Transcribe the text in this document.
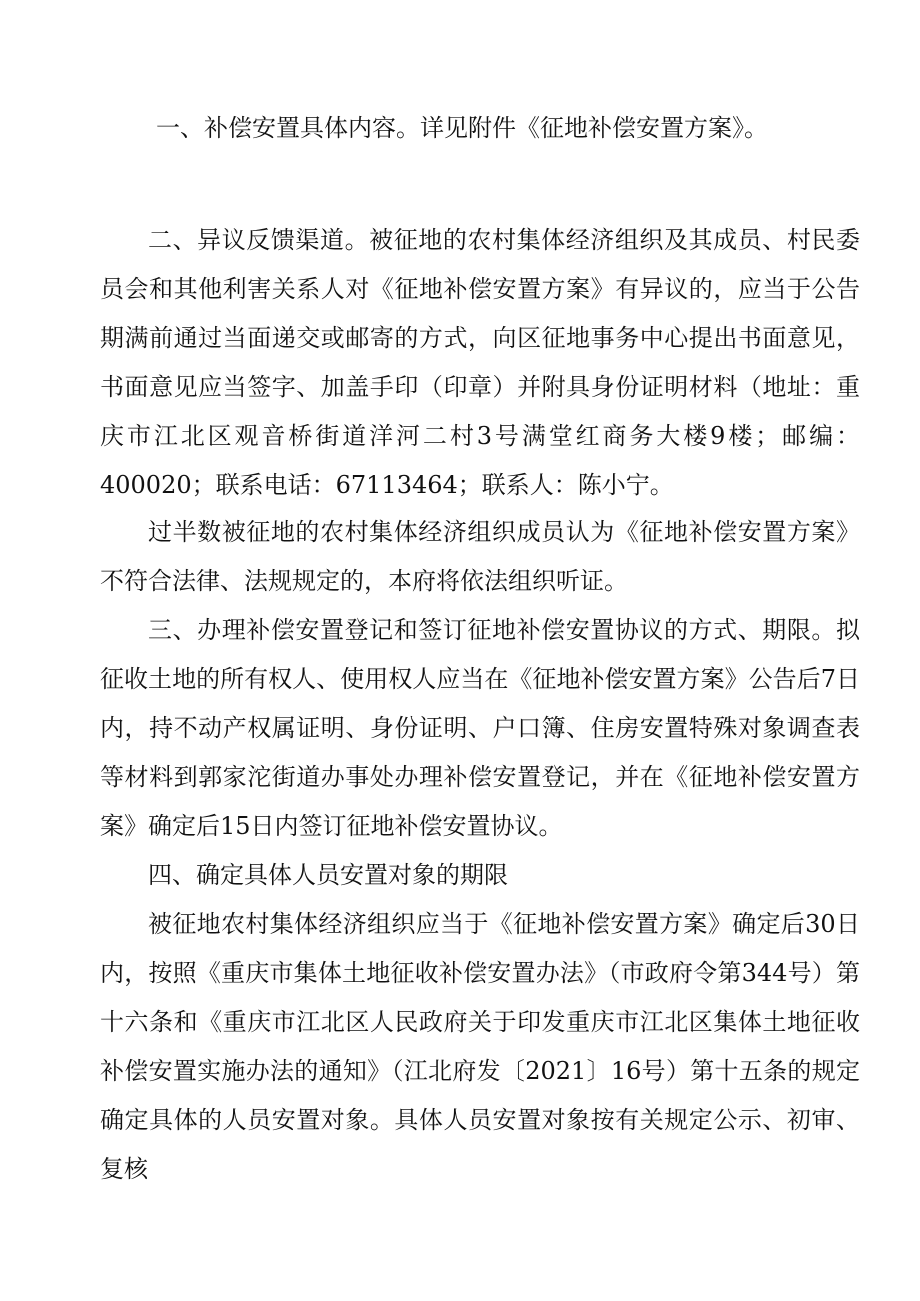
一、补偿安置具体内容。详见附件《征地补偿安置方案》。

二、异议反馈渠道。被征地的农村集体经济组织及其成员、村民委员会和其他利害关系人对《征地补偿安置方案》有异议的，应当于公告期满前通过当面递交或邮寄的方式，向区征地事务中心提出书面意见，书面意见应当签字、加盖手印（印章）并附具身份证明材料（地址：重庆市江北区观音桥街道洋河二村3号满堂红商务大楼9楼；邮编：400020；联系电话：67113464；联系人：陈小宁。

过半数被征地的农村集体经济组织成员认为《征地补偿安置方案》不符合法律、法规规定的，本府将依法组织听证。

三、办理补偿安置登记和签订征地补偿安置协议的方式、期限。拟征收土地的所有权人、使用权人应当在《征地补偿安置方案》公告后7日内，持不动产权属证明、身份证明、户口簿、住房安置特殊对象调查表等材料到郭家沱街道办事处办理补偿安置登记，并在《征地补偿安置方案》确定后15日内签订征地补偿安置协议。

四、确定具体人员安置对象的期限

被征地农村集体经济组织应当于《征地补偿安置方案》确定后30日内，按照《重庆市集体土地征收补偿安置办法》（市政府令第344号）第十六条和《重庆市江北区人民政府关于印发重庆市江北区集体土地征收补偿安置实施办法的通知》（江北府发〔2021〕16号）第十五条的规定确定具体的人员安置对象。具体人员安置对象按有关规定公示、初审、复核
